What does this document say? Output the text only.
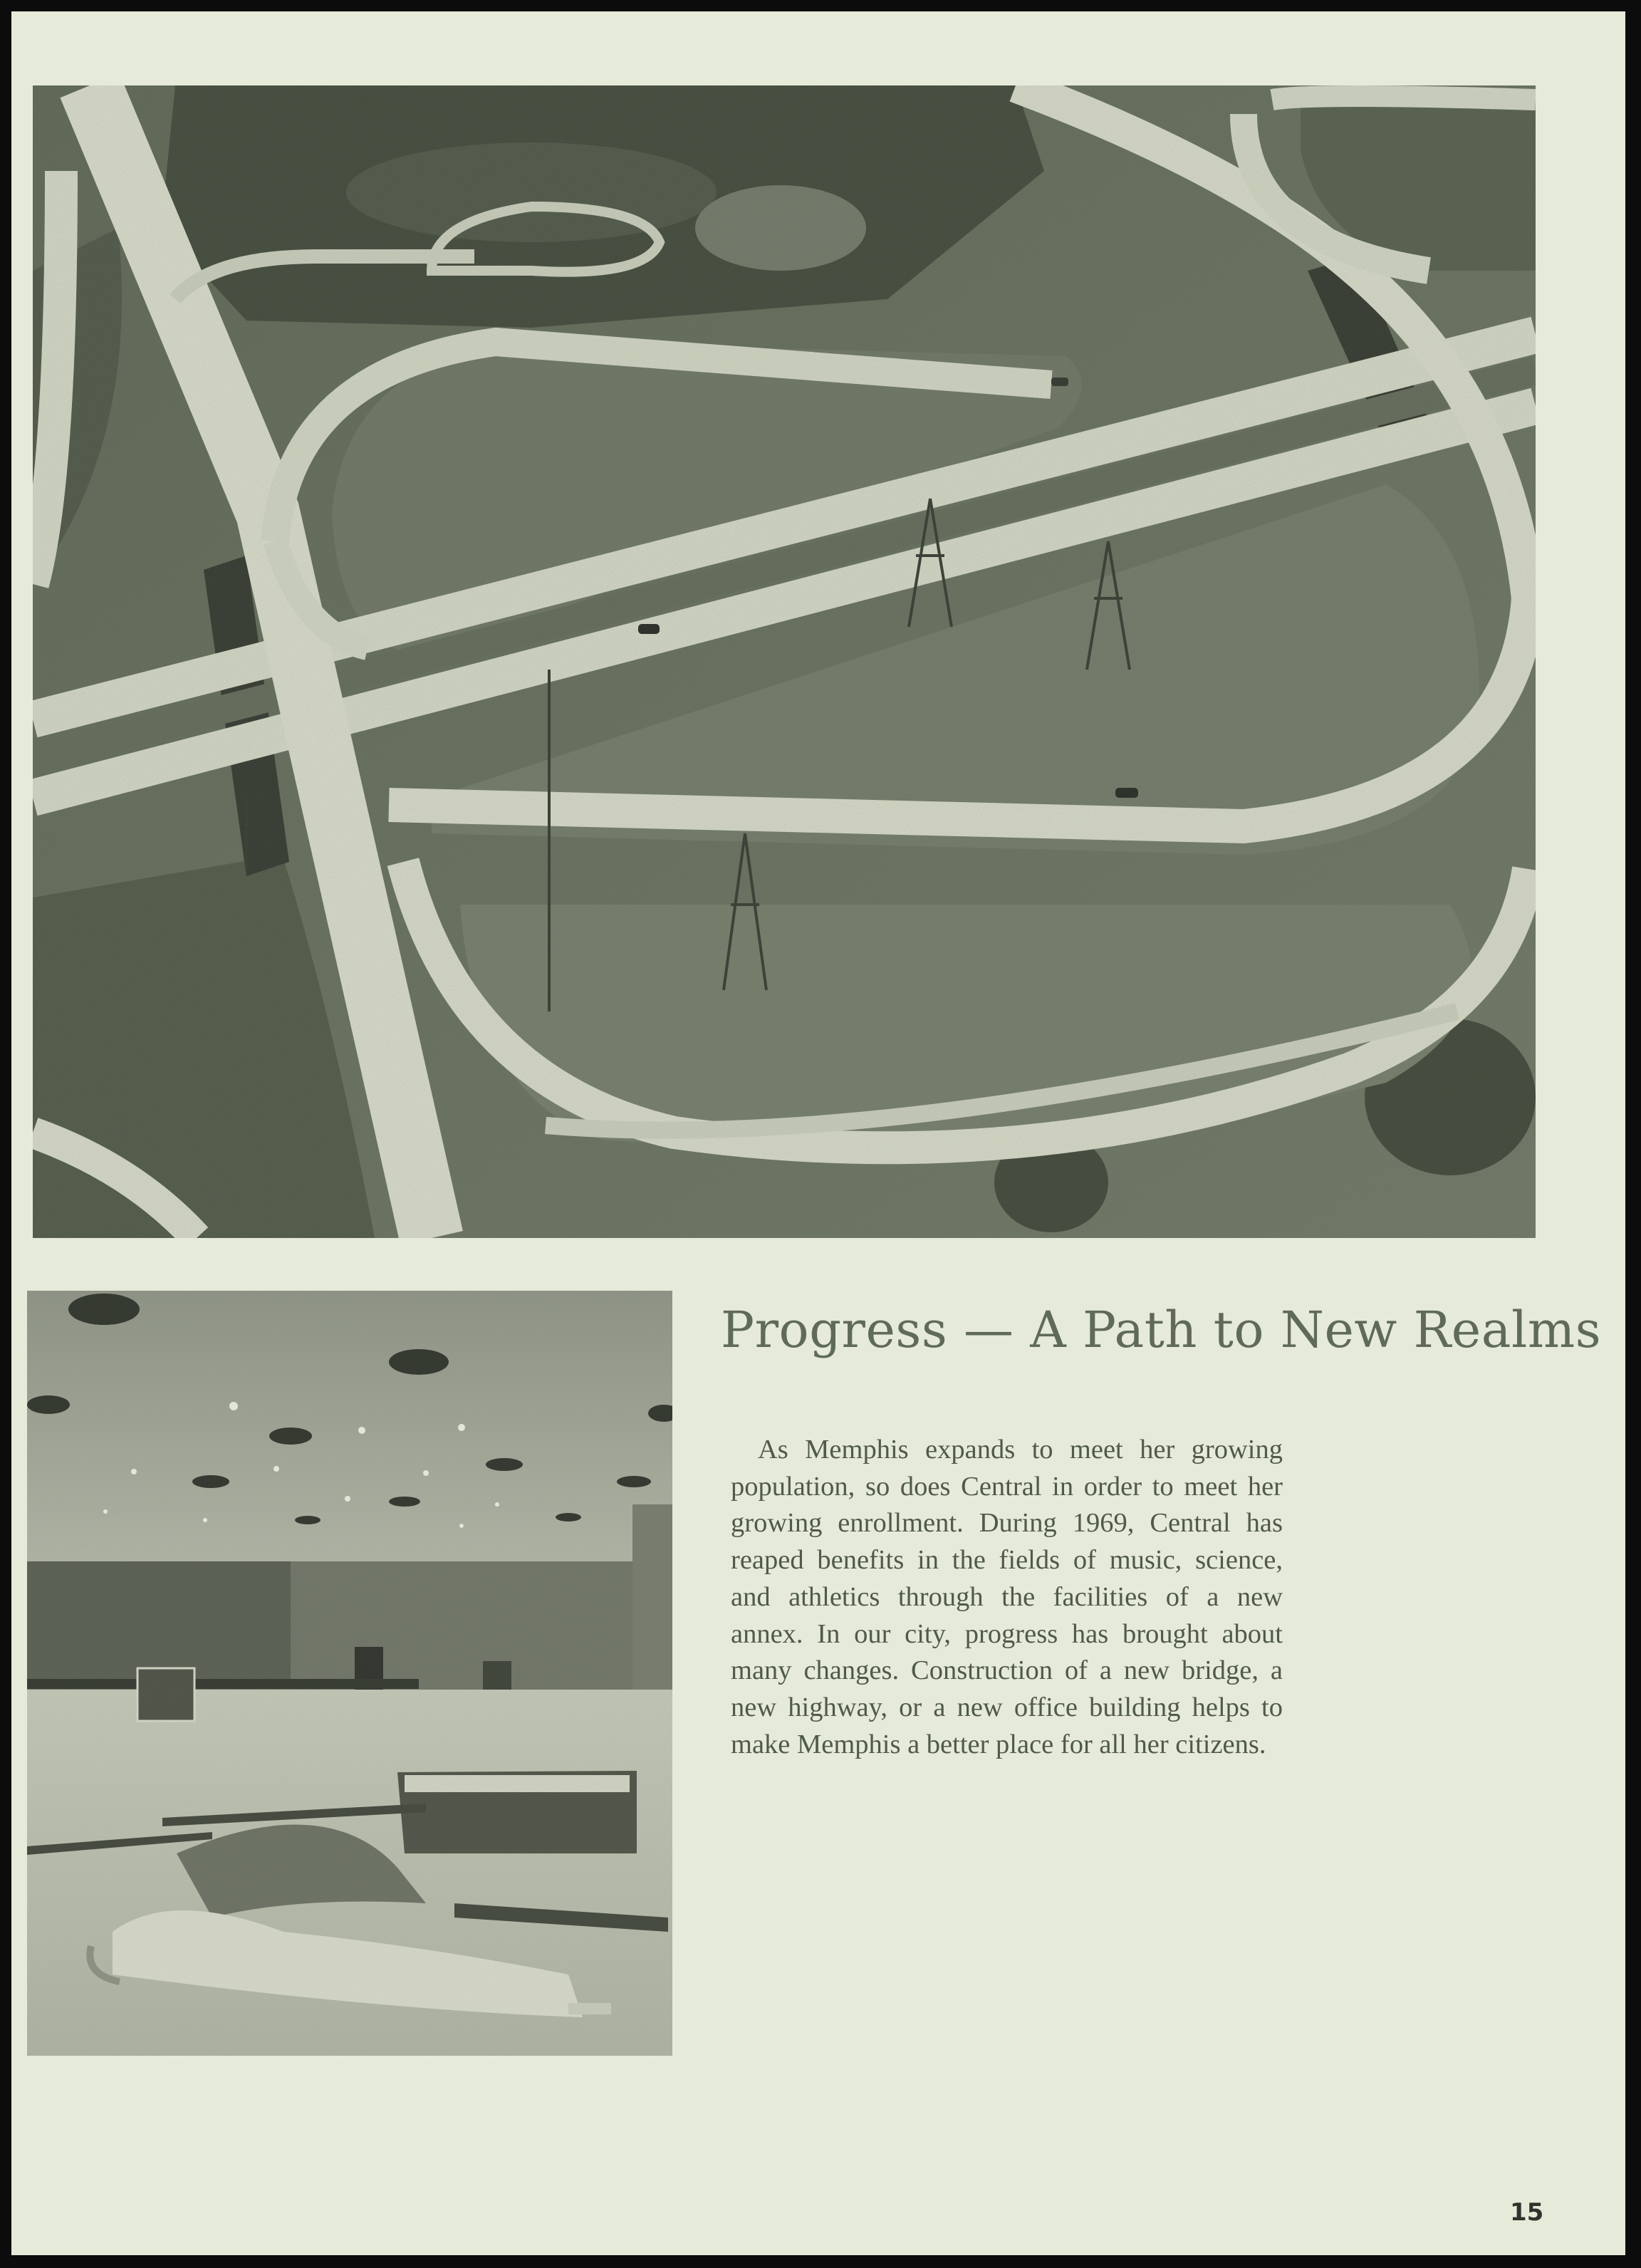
Progress — A Path to New Realms

As Memphis expands to meet her growing population, so does Central in order to meet her growing enrollment. During 1969, Central has reaped benefits in the fields of music, science, and athletics through the facilities of a new annex. In our city, progress has brought about many changes. Construction of a new bridge, a new highway, or a new office building helps to make Memphis a better place for all her citizens.

15
